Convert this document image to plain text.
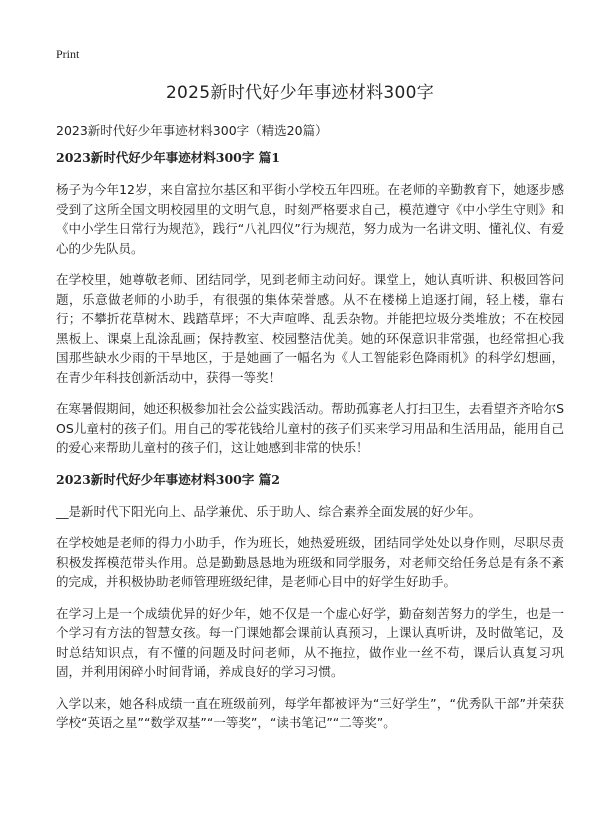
Print
2025新时代好少年事迹材料300字

2023新时代好少年事迹材料300字（精选20篇）

2023新时代好少年事迹材料300字 篇1

杨子为今年12岁，来自富拉尔基区和平街小学校五年四班。在老师的辛勤教育下，她逐步感受到了这所全国文明校园里的文明气息，时刻严格要求自己，模范遵守《中小学生守则》和《中小学生日常行为规范》，践行“八礼四仪”行为规范，努力成为一名讲文明、懂礼仪、有爱心的少先队员。

在学校里，她尊敬老师、团结同学，见到老师主动问好。课堂上，她认真听讲、积极回答问题，乐意做老师的小助手，有很强的集体荣誉感。从不在楼梯上追逐打闹，轻上楼，靠右行；不攀折花草树木、践踏草坪；不大声喧哗、乱丢杂物。并能把垃圾分类堆放；不在校园黑板上、课桌上乱涂乱画；保持教室、校园整洁优美。她的环保意识非常强，也经常担心我国那些缺水少雨的干旱地区，于是她画了一幅名为《人工智能彩色降雨机》的科学幻想画，在青少年科技创新活动中，获得一等奖！

在寒暑假期间，她还积极参加社会公益实践活动。帮助孤寡老人打扫卫生，去看望齐齐哈尔SOS儿童村的孩子们。用自己的零花钱给儿童村的孩子们买来学习用品和生活用品，能用自己的爱心来帮助儿童村的孩子们，这让她感到非常的快乐！

2023新时代好少年事迹材料300字 篇2

__是新时代下阳光向上、品学兼优、乐于助人、综合素养全面发展的好少年。

在学校她是老师的得力小助手，作为班长，她热爱班级，团结同学处处以身作则，尽职尽责积极发挥模范带头作用。总是勤勤恳恳地为班级和同学服务，对老师交给任务总是有条不紊的完成，并积极协助老师管理班级纪律，是老师心目中的好学生好助手。

在学习上是一个成绩优异的好少年，她不仅是一个虚心好学，勤奋刻苦努力的学生，也是一个学习有方法的智慧女孩。每一门课她都会课前认真预习，上课认真听讲，及时做笔记，及时总结知识点，有不懂的问题及时问老师，从不拖拉，做作业一丝不苟，课后认真复习巩固，并利用闲碎小时间背诵，养成良好的学习习惯。

入学以来，她各科成绩一直在班级前列，每学年都被评为“三好学生”，“优秀队干部”并荣获学校“英语之星”“数学双基”“一等奖”，“读书笔记”“二等奖”。
